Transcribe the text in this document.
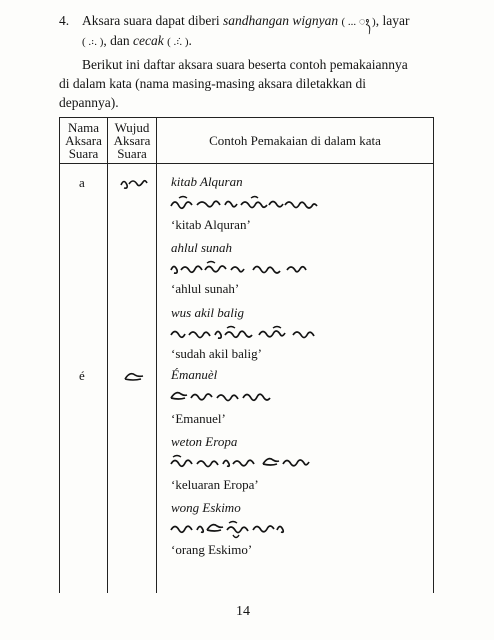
4. Aksara suara dapat diberi sandhangan wignyan ( ... ꦃ ), layar
( .꞉. ), dan cecak ( .꞉̇. ).
Berikut ini daftar aksara suara beserta contoh pemakaiannya
di dalam kata (nama masing-masing aksara diletakkan di
depannya).
Nama
Aksara
Suara
Wujud
Aksara
Suara
Contoh Pemakaian di dalam kata
a	kitab Alquran
‘kitab Alquran’
ahlul sunah
‘ahlul sunah’
wus akil balig
‘sudah akil balig’
é	Émanuèl
‘Emanuel’
weton Eropa
‘keluaran Eropa’
wong Eskimo
‘orang Eskimo’
14
